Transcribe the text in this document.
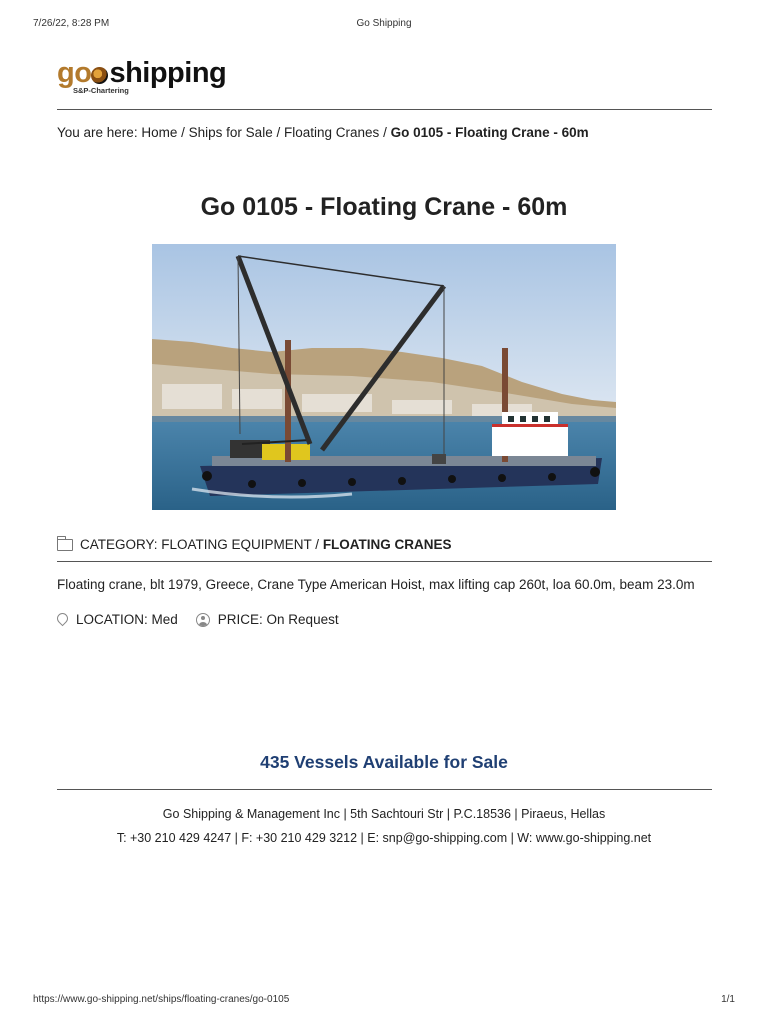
7/26/22, 8:28 PM	Go Shipping
go shipping
S&P-Chartering
You are here: Home / Ships for Sale / Floating Cranes / Go 0105 - Floating Crane - 60m
Go 0105 - Floating Crane - 60m
CATEGORY: FLOATING EQUIPMENT /
FLOATING CRANES
Floating crane, blt 1979, Greece, Crane Type American Hoist, max lifting cap 260t, loa 60.0m, beam 23.0m
LOCATION: Med	PRICE: On Request
435 Vessels Available for Sale
Go Shipping & Management Inc | 5th Sachtouri Str | P.C.18536 | Piraeus, Hellas
T: +30 210 429 4247 | F: +30 210 429 3212 | E: snp@go-shipping.com | W: www.go-shipping.net
https://www.go-shipping.net/ships/floating-cranes/go-0105	1/1
